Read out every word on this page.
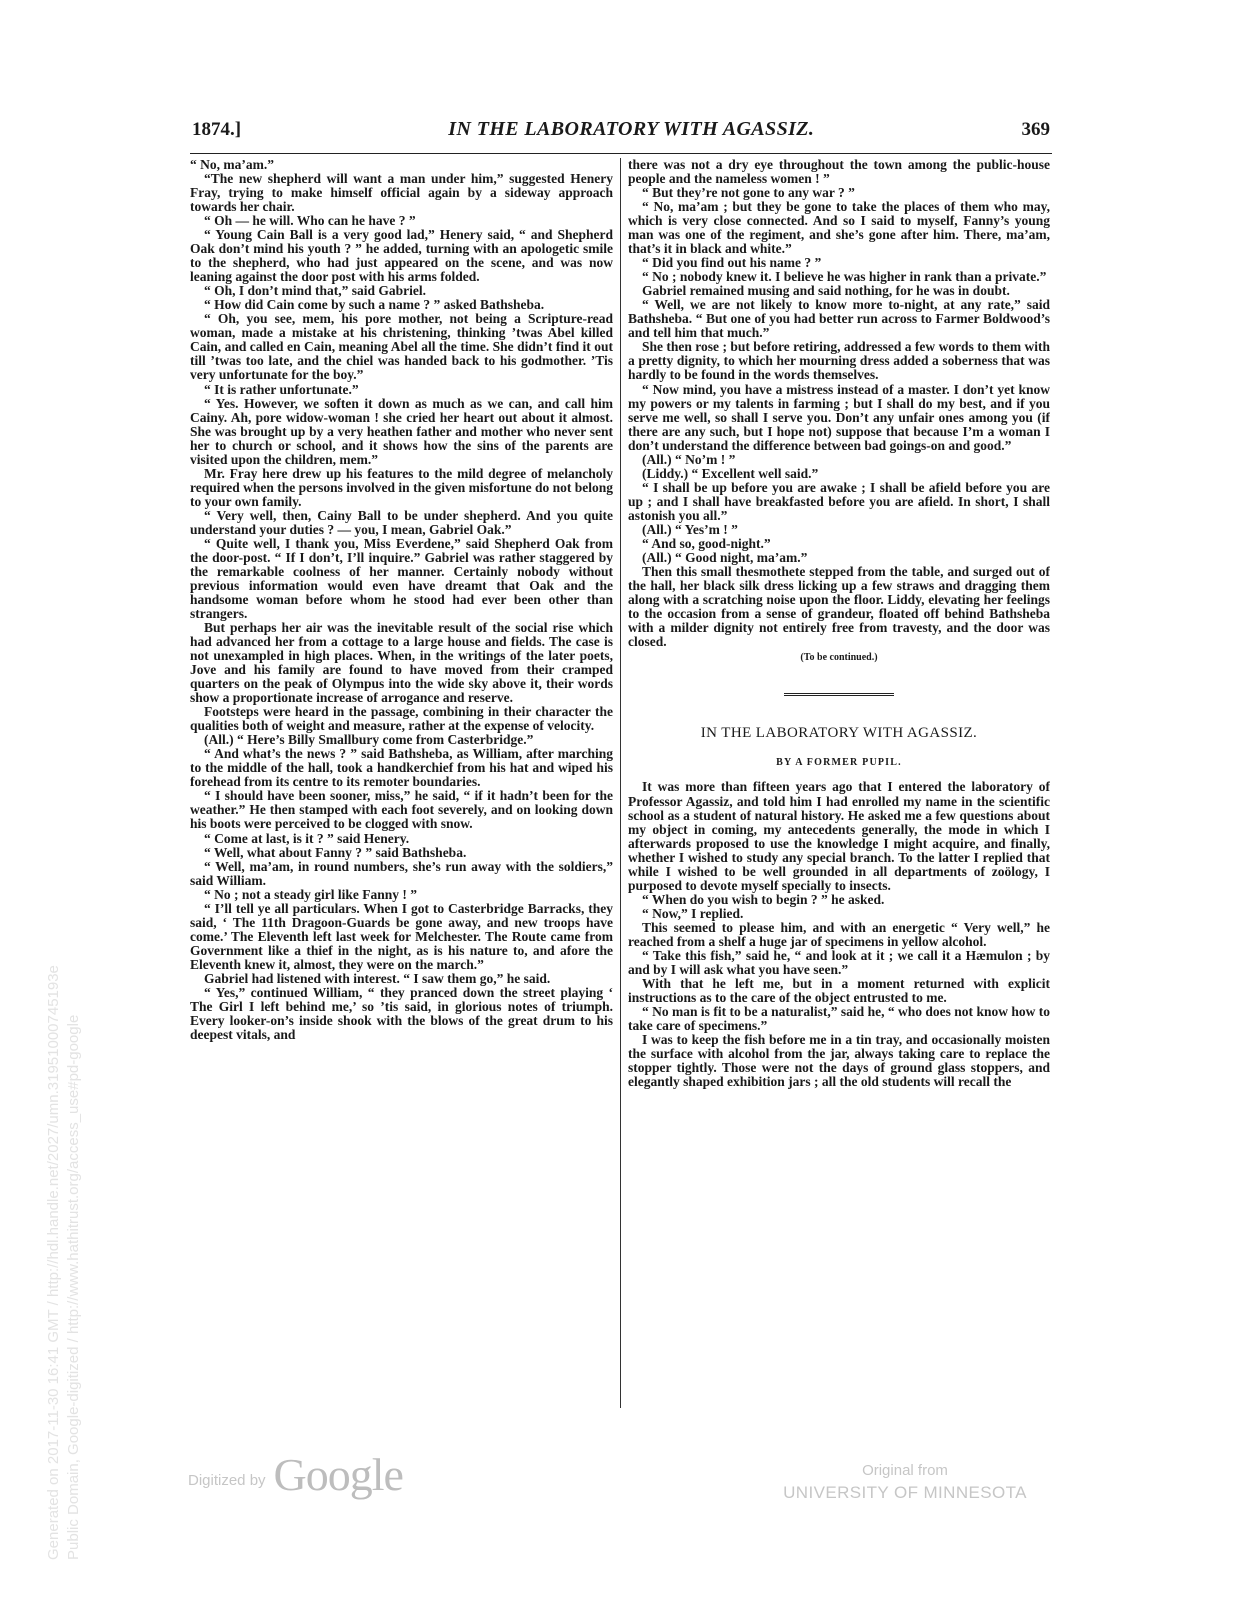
1874.]	IN THE LABORATORY WITH AGASSIZ.	369

“ No, ma’am.”

“The new shepherd will want a man under him,” suggested Henery Fray, trying to make himself official again by a sideway approach towards her chair.

“ Oh — he will. Who can he have ? ”

“ Young Cain Ball is a very good lad,” Henery said, “ and Shepherd Oak don’t mind his youth ? ” he added, turning with an apologetic smile to the shepherd, who had just appeared on the scene, and was now leaning against the door post with his arms folded.

“ Oh, I don’t mind that,” said Gabriel.

“ How did Cain come by such a name ? ” asked Bathsheba.

“ Oh, you see, mem, his pore mother, not being a Scripture-read woman, made a mistake at his christening, thinking ’twas Abel killed Cain, and called en Cain, meaning Abel all the time. She didn’t find it out till ’twas too late, and the chiel was handed back to his godmother. ’Tis very unfortunate for the boy.”

“ It is rather unfortunate.”

“ Yes. However, we soften it down as much as we can, and call him Cainy. Ah, pore widow-woman ! she cried her heart out about it almost. She was brought up by a very heathen father and mother who never sent her to church or school, and it shows how the sins of the parents are visited upon the children, mem.”

Mr. Fray here drew up his features to the mild degree of melancholy required when the persons involved in the given misfortune do not belong to your own family.

“ Very well, then, Cainy Ball to be under shepherd. And you quite understand your duties ? — you, I mean, Gabriel Oak.”

“ Quite well, I thank you, Miss Everdene,” said Shepherd Oak from the door-post. “ If I don’t, I’ll inquire.” Gabriel was rather staggered by the remarkable coolness of her manner. Certainly nobody without previous information would even have dreamt that Oak and the handsome woman before whom he stood had ever been other than strangers.

But perhaps her air was the inevitable result of the social rise which had advanced her from a cottage to a large house and fields. The case is not unexampled in high places. When, in the writings of the later poets, Jove and his family are found to have moved from their cramped quarters on the peak of Olympus into the wide sky above it, their words show a proportionate increase of arrogance and reserve.

Footsteps were heard in the passage, combining in their character the qualities both of weight and measure, rather at the expense of velocity.

(All.) “ Here’s Billy Smallbury come from Casterbridge.”

“ And what’s the news ? ” said Bathsheba, as William, after marching to the middle of the hall, took a handkerchief from his hat and wiped his forehead from its centre to its remoter boundaries.

“ I should have been sooner, miss,” he said, “ if it hadn’t been for the weather.” He then stamped with each foot severely, and on looking down his boots were perceived to be clogged with snow.

“ Come at last, is it ? ” said Henery.

“ Well, what about Fanny ? ” said Bathsheba.

“ Well, ma’am, in round numbers, she’s run away with the soldiers,” said William.

“ No ; not a steady girl like Fanny ! ”

“ I’ll tell ye all particulars. When I got to Casterbridge Barracks, they said, ‘ The 11th Dragoon-Guards be gone away, and new troops have come.’ The Eleventh left last week for Melchester. The Route came from Government like a thief in the night, as is his nature to, and afore the Eleventh knew it, almost, they were on the march.”

Gabriel had listened with interest. “ I saw them go,” he said.

“ Yes,” continued William, “ they pranced down the street playing ‘ The Girl I left behind me,’ so ’tis said, in glorious notes of triumph. Every looker-on’s inside shook with the blows of the great drum to his deepest vitals, and

there was not a dry eye throughout the town among the public-house people and the nameless women ! ”

“ But they’re not gone to any war ? ”

“ No, ma’am ; but they be gone to take the places of them who may, which is very close connected. And so I said to myself, Fanny’s young man was one of the regiment, and she’s gone after him. There, ma’am, that’s it in black and white.”

“ Did you find out his name ? ”

“ No ; nobody knew it. I believe he was higher in rank than a private.”

Gabriel remained musing and said nothing, for he was in doubt.

“ Well, we are not likely to know more to-night, at any rate,” said Bathsheba. “ But one of you had better run across to Farmer Boldwood’s and tell him that much.”

She then rose ; but before retiring, addressed a few words to them with a pretty dignity, to which her mourning dress added a soberness that was hardly to be found in the words themselves.

“ Now mind, you have a mistress instead of a master. I don’t yet know my powers or my talents in farming ; but I shall do my best, and if you serve me well, so shall I serve you. Don’t any unfair ones among you (if there are any such, but I hope not) suppose that because I’m a woman I don’t understand the difference between bad goings-on and good.”

(All.) “ No’m ! ”

(Liddy.) “ Excellent well said.”

“ I shall be up before you are awake ; I shall be afield before you are up ; and I shall have breakfasted before you are afield. In short, I shall astonish you all.”

(All.) “ Yes’m ! ”

“ And so, good-night.”

(All.) “ Good night, ma’am.”

Then this small thesmothete stepped from the table, and surged out of the hall, her black silk dress licking up a few straws and dragging them along with a scratching noise upon the floor. Liddy, elevating her feelings to the occasion from a sense of grandeur, floated off behind Bathsheba with a milder dignity not entirely free from travesty, and the door was closed.

(To be continued.)

IN THE LABORATORY WITH AGASSIZ.

BY A FORMER PUPIL.

It was more than fifteen years ago that I entered the laboratory of Professor Agassiz, and told him I had enrolled my name in the scientific school as a student of natural history. He asked me a few questions about my object in coming, my antecedents generally, the mode in which I afterwards proposed to use the knowledge I might acquire, and finally, whether I wished to study any special branch. To the latter I replied that while I wished to be well grounded in all departments of zoölogy, I purposed to devote myself specially to insects.

“ When do you wish to begin ? ” he asked.

“ Now,” I replied.

This seemed to please him, and with an energetic “ Very well,” he reached from a shelf a huge jar of specimens in yellow alcohol.

“ Take this fish,” said he, “ and look at it ; we call it a Hæmulon ; by and by I will ask what you have seen.”

With that he left me, but in a moment returned with explicit instructions as to the care of the object entrusted to me.

“ No man is fit to be a naturalist,” said he, “ who does not know how to take care of specimens.”

I was to keep the fish before me in a tin tray, and occasionally moisten the surface with alcohol from the jar, always taking care to replace the stopper tightly. Those were not the days of ground glass stoppers, and elegantly shaped exhibition jars ; all the old students will recall the

Generated on 2017-11-30 16:41 GMT / http://hdl.handle.net/2027/umn.31951000745193e Public Domain, Google-digitized / http://www.hathitrust.org/access_use#pd-google	Digitized by Google	Original from
UNIVERSITY OF MINNESOTA
